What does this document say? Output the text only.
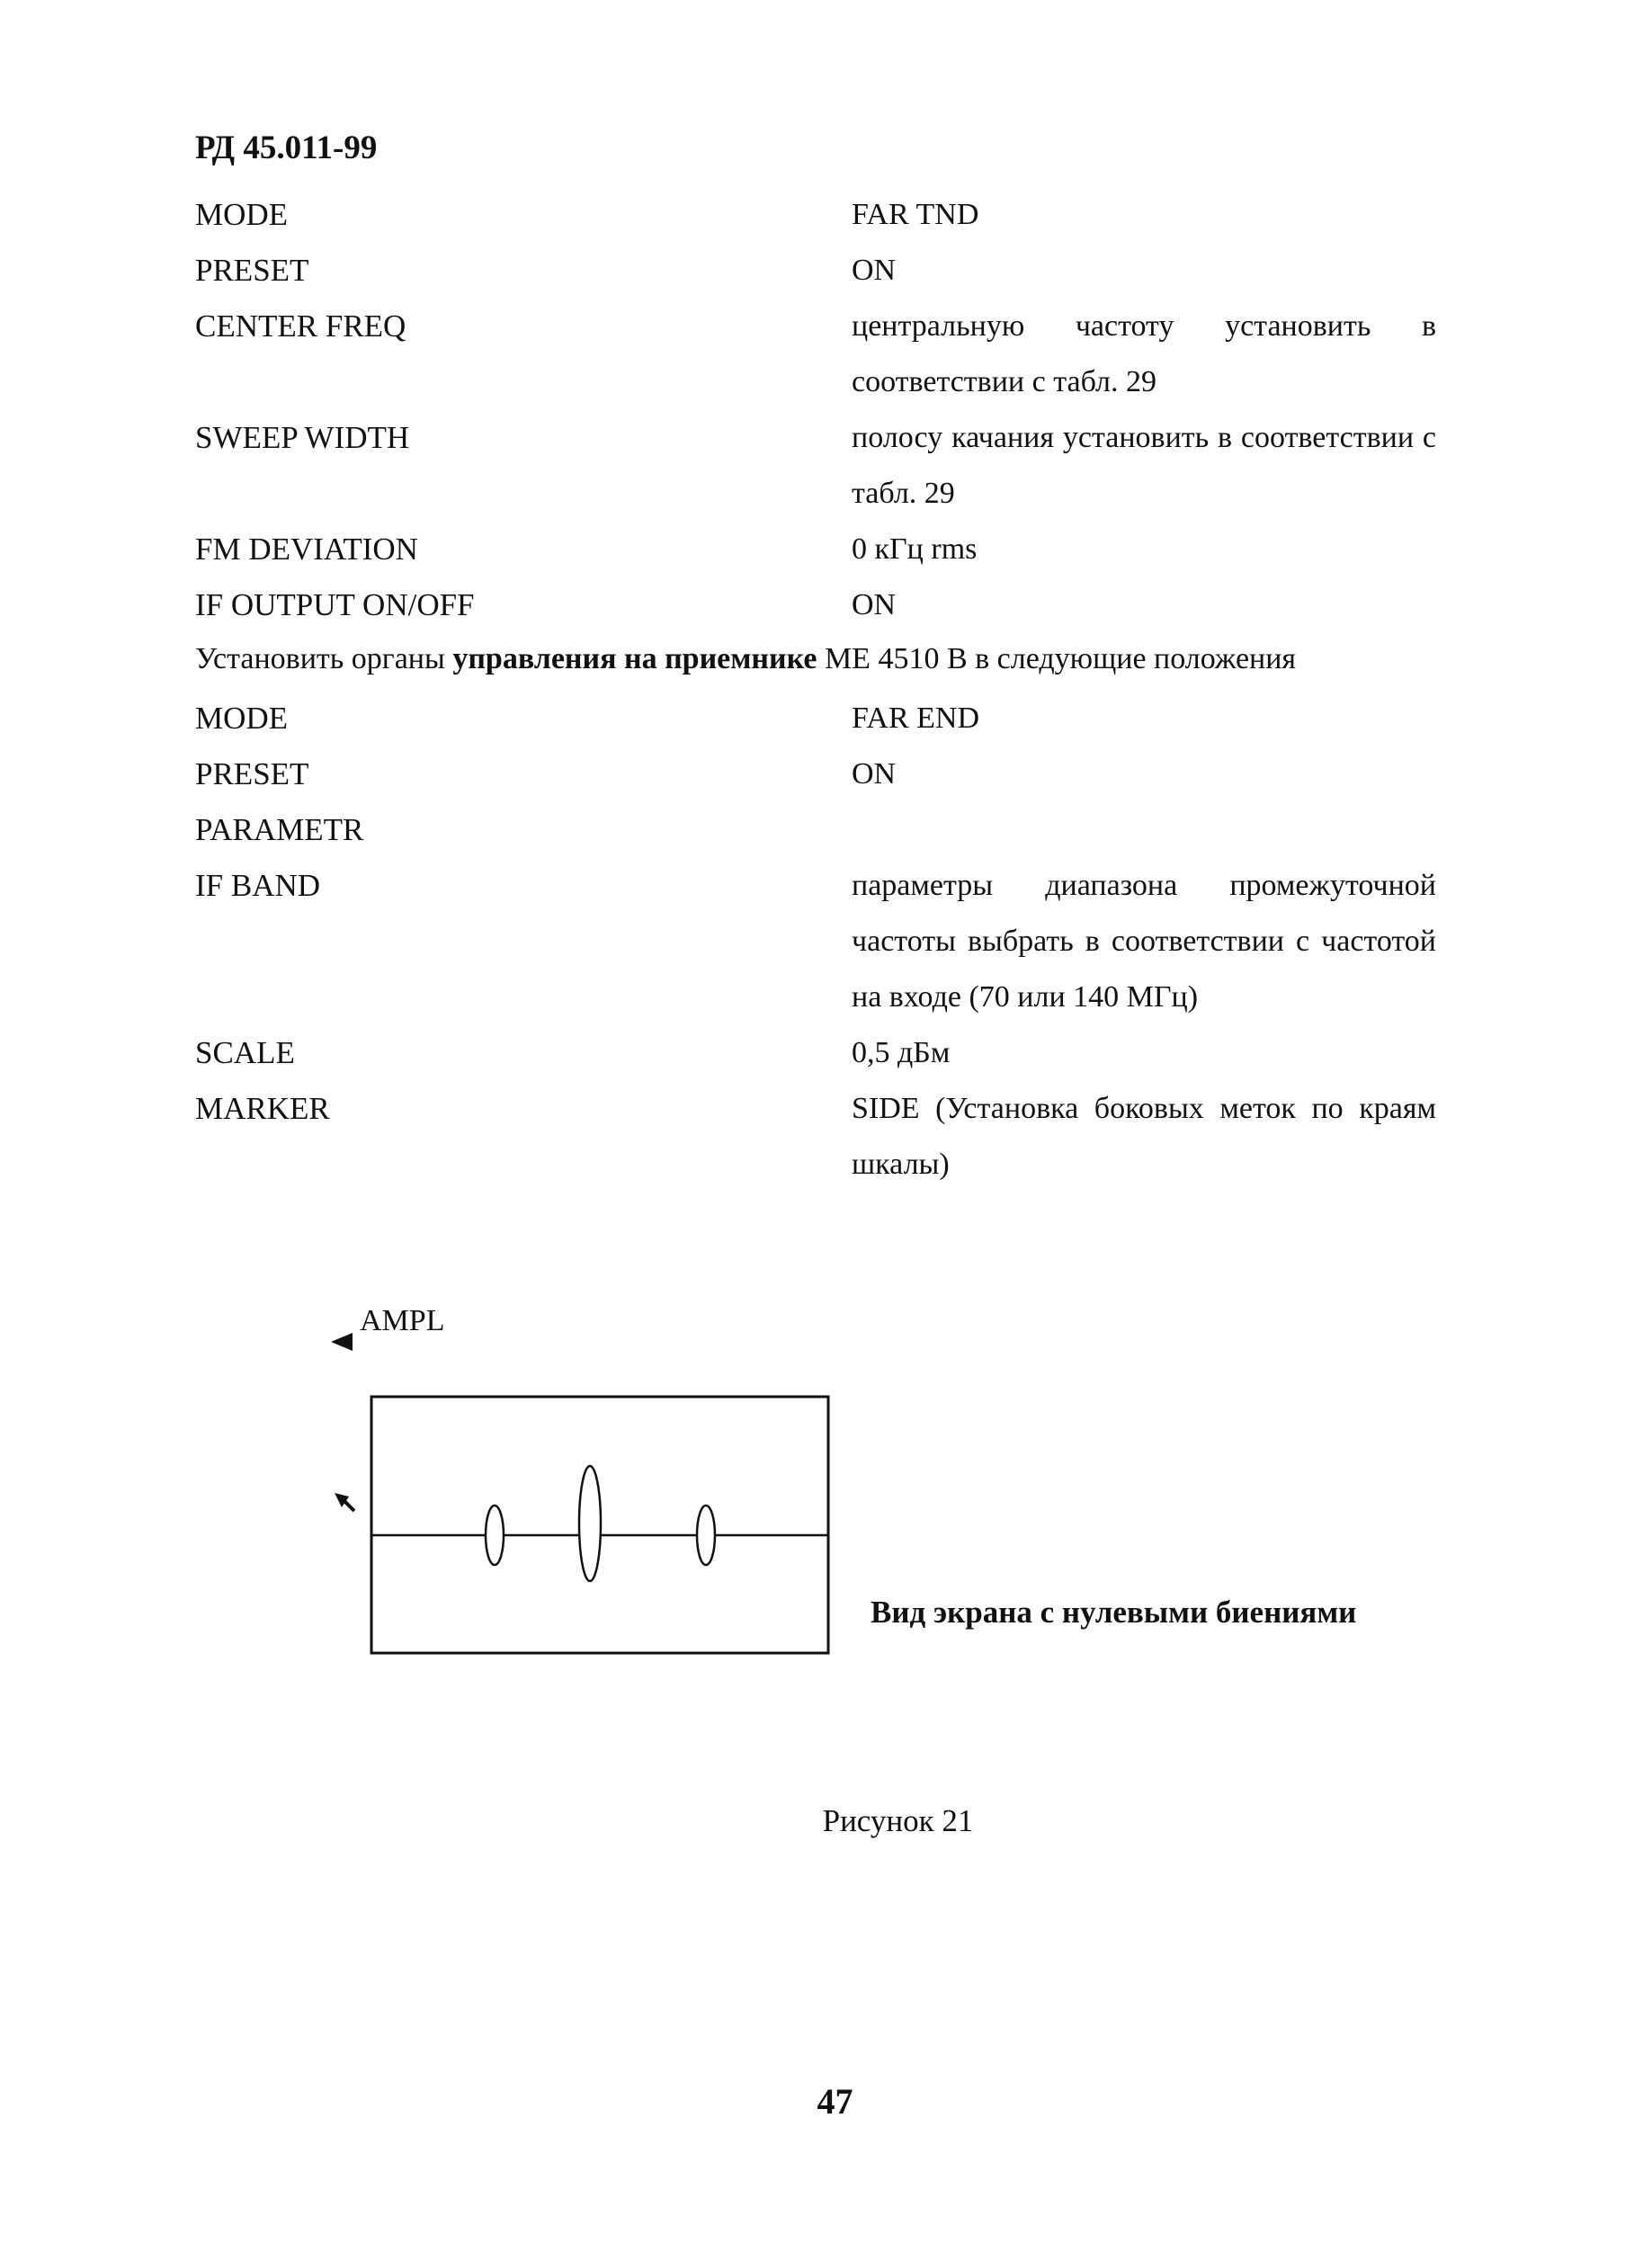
РД 45.011-99
MODE	FAR TND
PRESET	ON
CENTER FREQ	центральную частоту установить в соответствии с табл. 29
SWEEP WIDTH	полосу качания установить в соответствии с табл. 29
FM DEVIATION	0 кГц rms
IF OUTPUT ON/OFF	ON

Установить органы управления на приемнике ME 4510 B в следующие положения

MODE	FAR END
PRESET	ON
PARAMETR
IF BAND	параметры диапазона промежуточной частоты выбрать в соответствии с частотой на входе (70 или 140 МГц)
SCALE	0,5 дБм
MARKER	SIDE (Установка боковых меток по краям шкалы)
AMPL

Вид экрана с нулевыми биениями

Рисунок 21

47
